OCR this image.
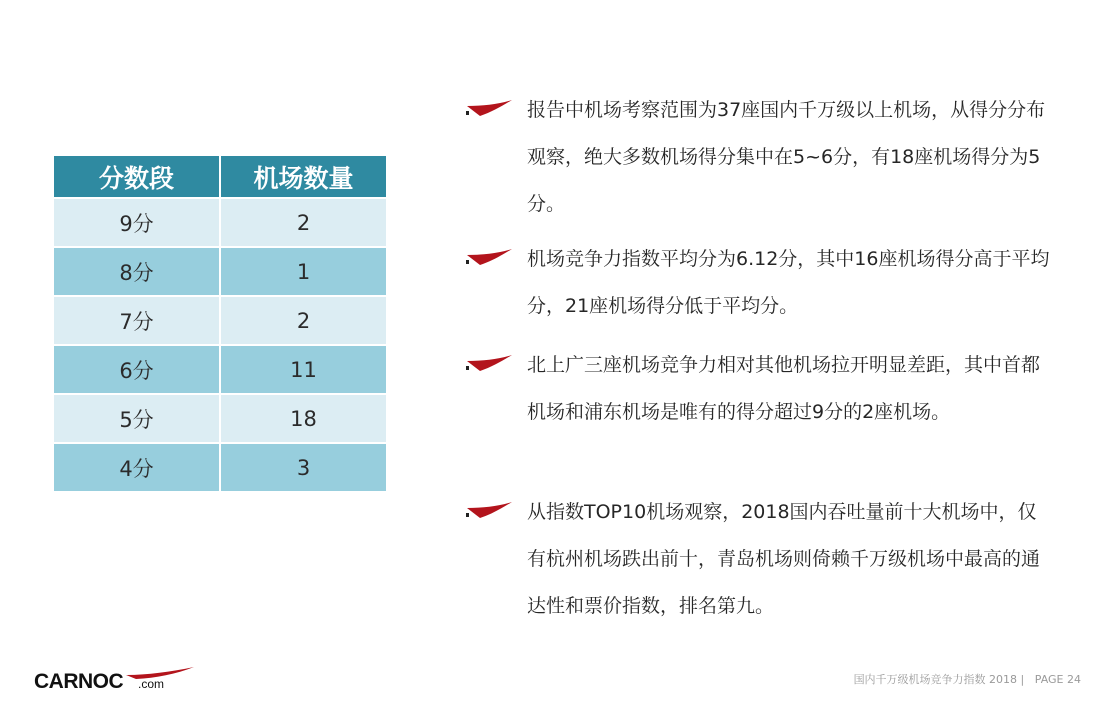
分数段	机场数量
9分	2
8分	1
7分	2
6分	11
5分	18
4分	3

报告中机场考察范围为37座国内千万级以上机场，从得分分布观察，绝大多数机场得分集中在5~6分，有18座机场得分为5分。

机场竞争力指数平均分为6.12分，其中16座机场得分高于平均分，21座机场得分低于平均分。

北上广三座机场竞争力相对其他机场拉开明显差距，其中首都机场和浦东机场是唯有的得分超过9分的2座机场。

从指数TOP10机场观察，2018国内吞吐量前十大机场中，仅有杭州机场跌出前十，青岛机场则倚赖千万级机场中最高的通达性和票价指数，排名第九。

CARNOC .com	国内千万级机场竞争力指数 2018 |   PAGE 24
